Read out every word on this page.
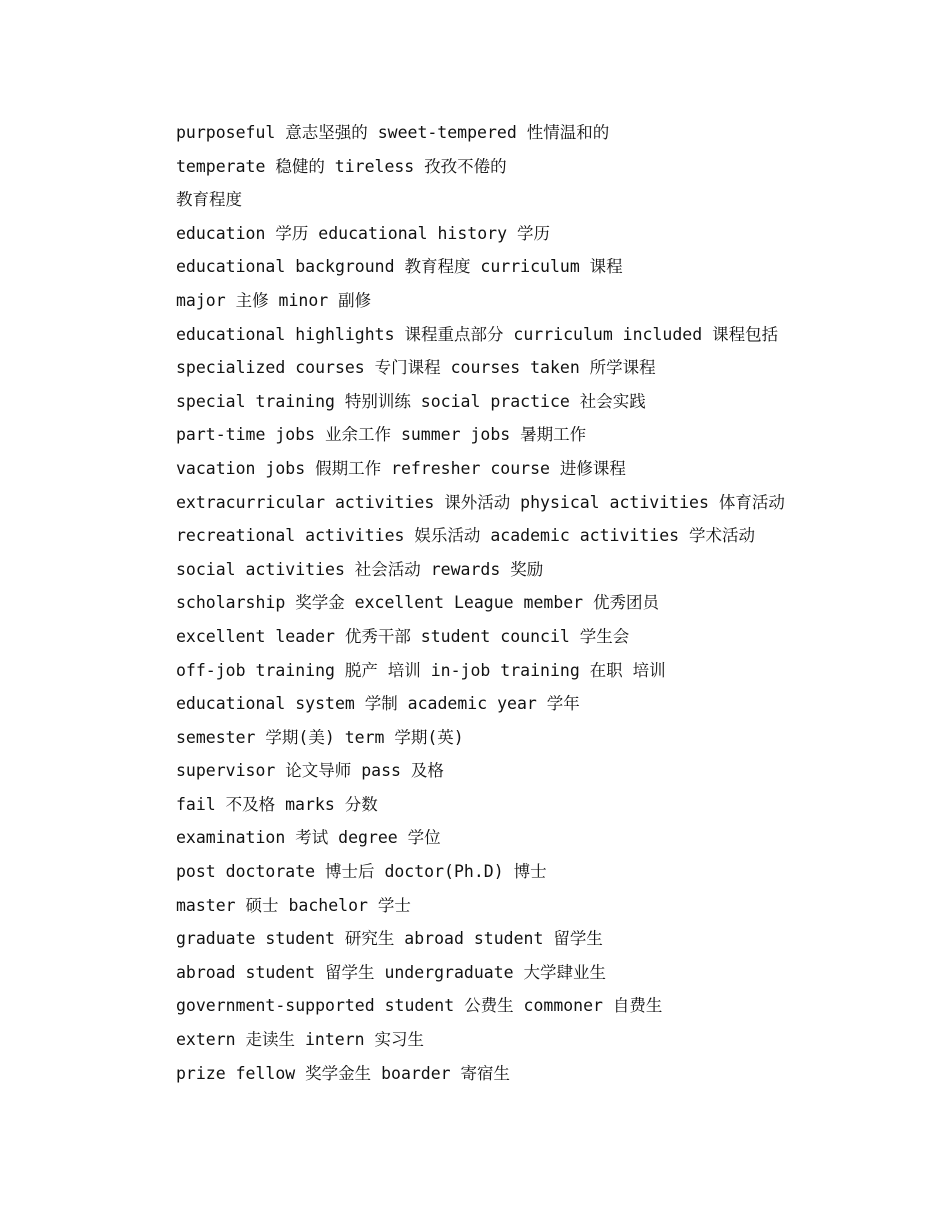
purposeful 意志坚强的 sweet-tempered 性情温和的
temperate 稳健的 tireless 孜孜不倦的
教育程度
education 学历 educational history 学历
educational background 教育程度 curriculum 课程
major 主修 minor 副修
educational highlights 课程重点部分 curriculum included 课程包括
specialized courses 专门课程 courses taken 所学课程
special training 特别训练 social practice 社会实践
part-time jobs 业余工作 summer jobs 暑期工作
vacation jobs 假期工作 refresher course 进修课程
extracurricular activities 课外活动 physical activities 体育活动
recreational activities 娱乐活动 academic activities 学术活动
social activities 社会活动 rewards 奖励
scholarship 奖学金 excellent League member 优秀团员
excellent leader 优秀干部 student council 学生会
off-job training 脱产 培训 in-job training 在职 培训
educational system 学制 academic year 学年
semester 学期(美) term 学期(英)
supervisor 论文导师 pass 及格
fail 不及格 marks 分数
examination 考试 degree 学位
post doctorate 博士后 doctor(Ph.D) 博士
master 硕士 bachelor 学士
graduate student 研究生 abroad student 留学生
abroad student 留学生 undergraduate 大学肆业生
government-supported student 公费生 commoner 自费生
extern 走读生 intern 实习生
prize fellow 奖学金生 boarder 寄宿生
